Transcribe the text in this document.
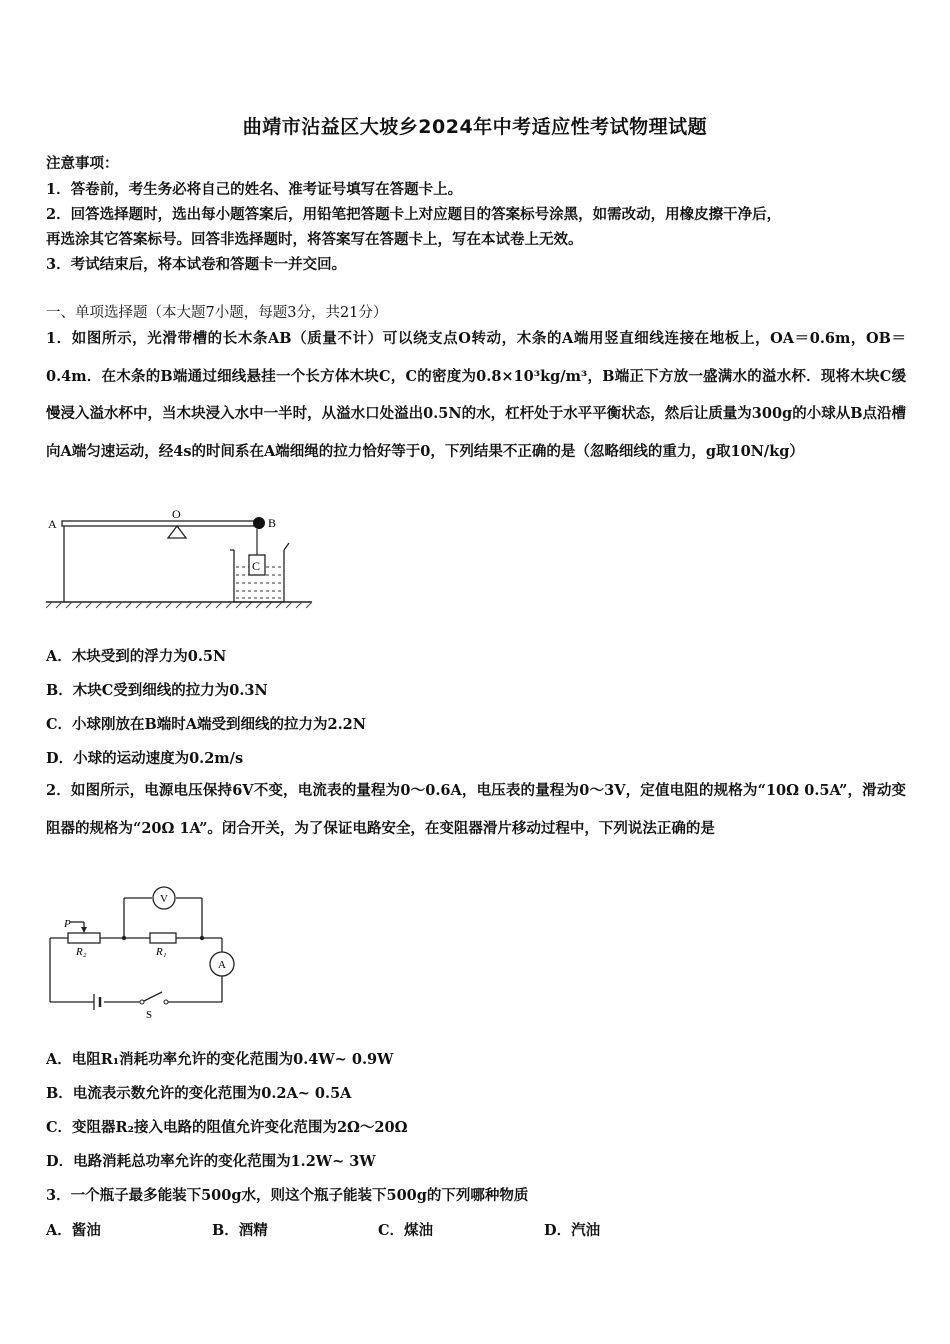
曲靖市沾益区大坡乡2024年中考适应性考试物理试题
注意事项：
1．答卷前，考生务必将自己的姓名、准考证号填写在答题卡上。
2．回答选择题时，选出每小题答案后，用铅笔把答题卡上对应题目的答案标号涂黑，如需改动，用橡皮擦干净后，
再选涂其它答案标号。回答非选择题时，将答案写在答题卡上，写在本试卷上无效。
3．考试结束后，将本试卷和答题卡一并交回。
一、单项选择题（本大题7小题，每题3分，共21分）
1．如图所示，光滑带槽的长木条AB（质量不计）可以绕支点O转动，木条的A端用竖直细线连接在地板上，OA＝0.6m，OB＝0.4m．在木条的B端通过细线悬挂一个长方体木块C，C的密度为0.8×10³kg/m³，B端正下方放一盛满水的溢水杯．现将木块C缓慢浸入溢水杯中，当木块浸入水中一半时，从溢水口处溢出0.5N的水，杠杆处于水平平衡状态，然后让质量为300g的小球从B点沿槽向A端匀速运动，经4s的时间系在A端细绳的拉力恰好等于0，下列结果不正确的是（忽略细线的重力，g取10N/kg）
C
A
O
B
A．木块受到的浮力为0.5N
B．木块C受到细线的拉力为0.3N
C．小球刚放在B端时A端受到细线的拉力为2.2N
D．小球的运动速度为0.2m/s
2．如图所示，电源电压保持6V不变，电流表的量程为0～0.6A，电压表的量程为0～3V，定值电阻的规格为“10Ω 0.5A”，滑动变阻器的规格为“20Ω 1A”。闭合开关，为了保证电路安全，在变阻器滑片移动过程中，下列说法正确的是
V
A
P
R₂	R₁
S
A．电阻R₁消耗功率允许的变化范围为0.4W~ 0.9W
B．电流表示数允许的变化范围为0.2A~ 0.5A
C．变阻器R₂接入电路的阻值允许变化范围为2Ω～20Ω
D．电路消耗总功率允许的变化范围为1.2W~ 3W
3．一个瓶子最多能装下500g水，则这个瓶子能装下500g的下列哪种物质
A．酱油	B．酒精	C．煤油	D．汽油
